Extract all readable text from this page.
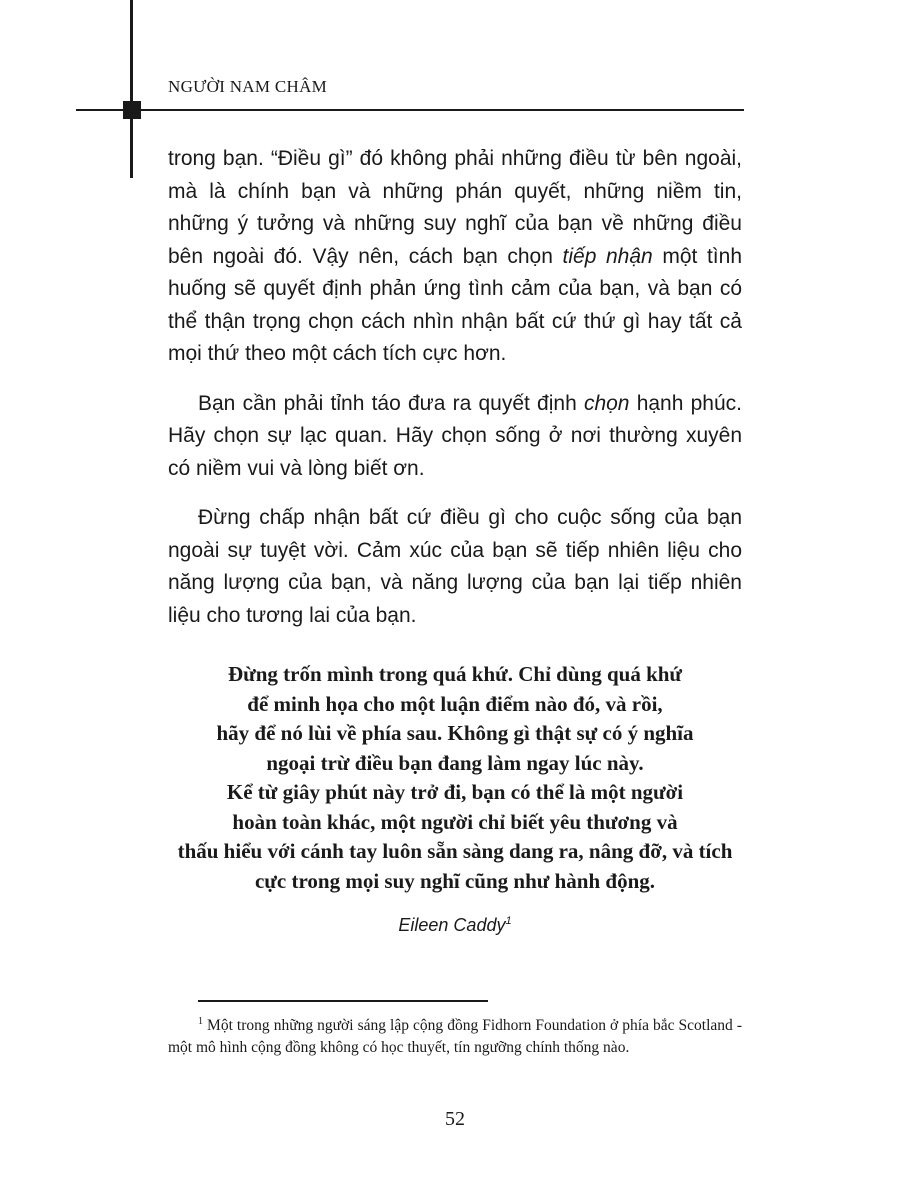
NGƯỜI NAM CHÂM

trong bạn. “Điều gì” đó không phải những điều từ bên ngoài, mà là chính bạn và những phán quyết, những niềm tin, những ý tưởng và những suy nghĩ của bạn về những điều bên ngoài đó. Vậy nên, cách bạn chọn tiếp nhận một tình huống sẽ quyết định phản ứng tình cảm của bạn, và bạn có thể thận trọng chọn cách nhìn nhận bất cứ thứ gì hay tất cả mọi thứ theo một cách tích cực hơn.

Bạn cần phải tỉnh táo đưa ra quyết định chọn hạnh phúc. Hãy chọn sự lạc quan. Hãy chọn sống ở nơi thường xuyên có niềm vui và lòng biết ơn.

Đừng chấp nhận bất cứ điều gì cho cuộc sống của bạn ngoài sự tuyệt vời. Cảm xúc của bạn sẽ tiếp nhiên liệu cho năng lượng của bạn, và năng lượng của bạn lại tiếp nhiên liệu cho tương lai của bạn.

Đừng trốn mình trong quá khứ. Chỉ dùng quá khứ
để minh họa cho một luận điểm nào đó, và rồi,
hãy để nó lùi về phía sau. Không gì thật sự có ý nghĩa
ngoại trừ điều bạn đang làm ngay lúc này.
Kể từ giây phút này trở đi, bạn có thể là một người
hoàn toàn khác, một người chỉ biết yêu thương và
thấu hiểu với cánh tay luôn sẵn sàng dang ra, nâng đỡ, và tích
cực trong mọi suy nghĩ cũng như hành động.
Eileen Caddy$^1$
$^1$ Một trong những người sáng lập cộng đồng Fidhorn Foundation ở phía bắc Scotland - một mô hình cộng đồng không có học thuyết, tín ngưỡng chính thống nào.
52
